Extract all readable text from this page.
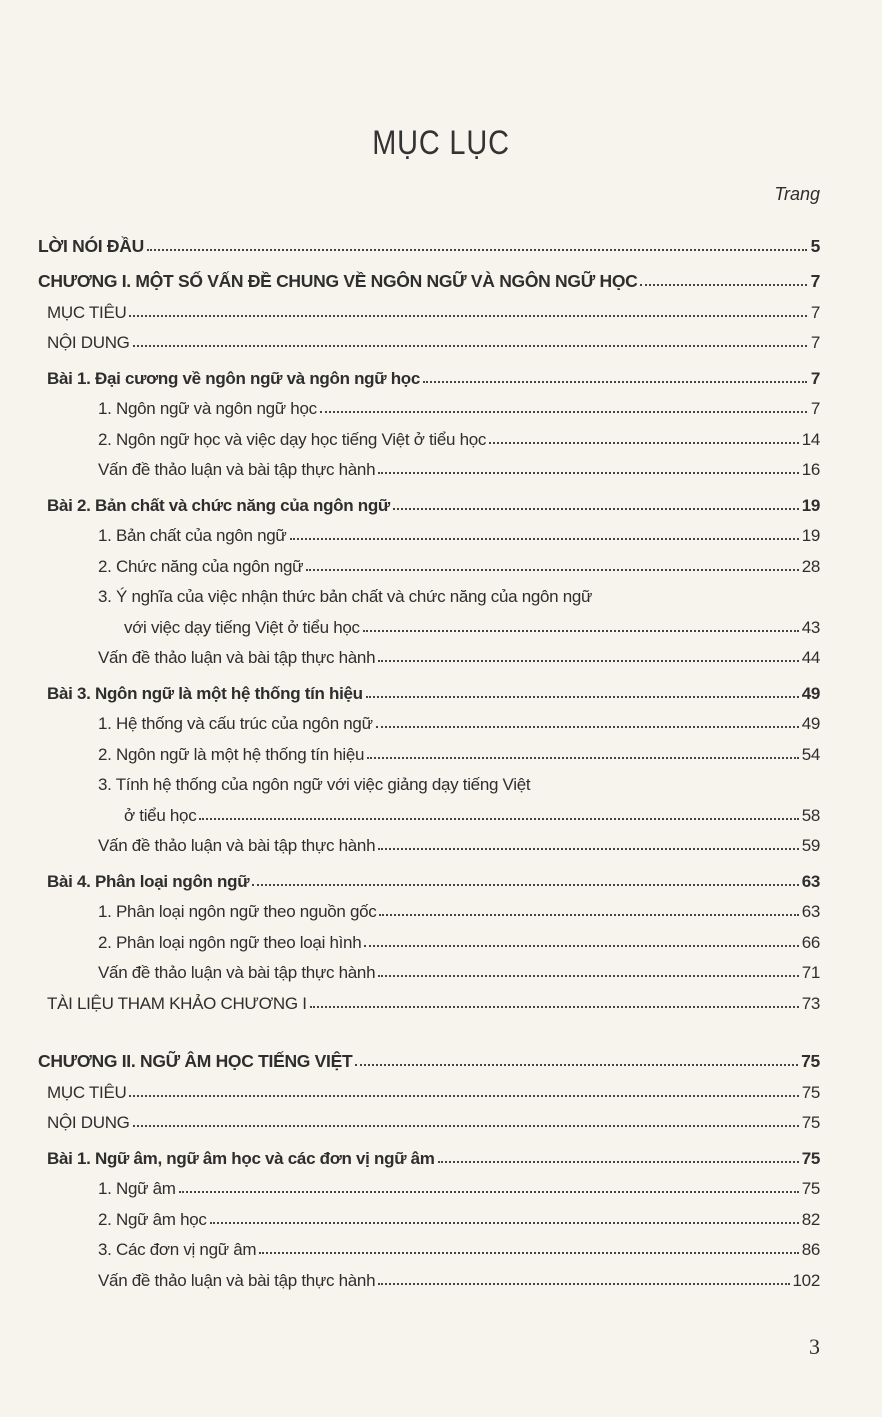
MỤC LỤC
Trang
LỜI NÓI ĐẦU	5
CHƯƠNG I. MỘT SỐ VẤN ĐỀ CHUNG VỀ NGÔN NGỮ VÀ NGÔN NGỮ HỌC	7
MỤC TIÊU	7
NỘI DUNG	7
Bài 1. Đại cương về ngôn ngữ và ngôn ngữ học	7
1. Ngôn ngữ và ngôn ngữ học	7
2. Ngôn ngữ học và việc dạy học tiếng Việt ở tiểu học	14
Vấn đề thảo luận và bài tập thực hành	16
Bài 2. Bản chất và chức năng của ngôn ngữ	19
1. Bản chất của ngôn ngữ	19
2. Chức năng của ngôn ngữ	28
3. Ý nghĩa của việc nhận thức bản chất và chức năng của ngôn ngữ
với việc dạy tiếng Việt ở tiểu học	43
Vấn đề thảo luận và bài tập thực hành	44
Bài 3. Ngôn ngữ là một hệ thống tín hiệu	49
1. Hệ thống và cấu trúc của ngôn ngữ	49
2. Ngôn ngữ là một hệ thống tín hiệu	54
3. Tính hệ thống của ngôn ngữ với việc giảng dạy tiếng Việt
ở tiểu học	58
Vấn đề thảo luận và bài tập thực hành	59
Bài 4. Phân loại ngôn ngữ	63
1. Phân loại ngôn ngữ theo nguồn gốc	63
2. Phân loại ngôn ngữ theo loại hình	66
Vấn đề thảo luận và bài tập thực hành	71
TÀI LIỆU THAM KHẢO CHƯƠNG I	73
CHƯƠNG II. NGỮ ÂM HỌC TIẾNG VIỆT	75
MỤC TIÊU	75
NỘI DUNG	75
Bài 1. Ngữ âm, ngữ âm học và các đơn vị ngữ âm	75
1. Ngữ âm	75
2. Ngữ âm học	82
3. Các đơn vị ngữ âm	86
Vấn đề thảo luận và bài tập thực hành	102
3
